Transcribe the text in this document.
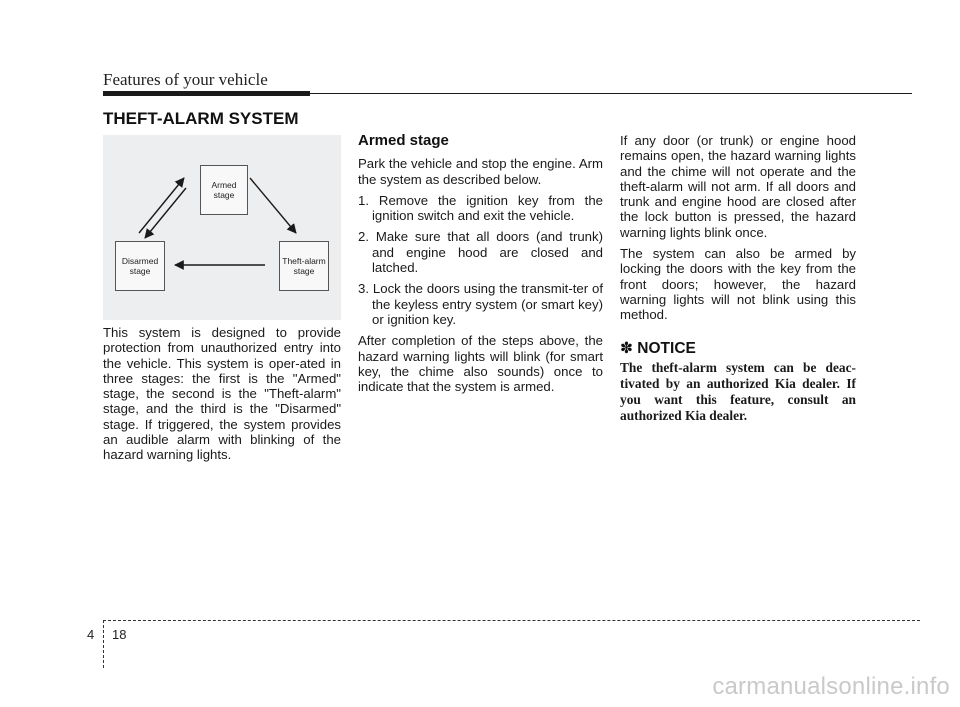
Features of your vehicle
THEFT-ALARM SYSTEM
Armed
stage
Disarmed
stage
Theft-alarm
stage

This system is designed to provide protection from unauthorized entry into the vehicle. This system is oper-ated in three stages: the first is the "Armed" stage, the second is the "Theft-alarm" stage, and the third is the "Disarmed" stage. If triggered, the system provides an audible alarm with blinking of the hazard warning lights.

Armed stage

Park the vehicle and stop the engine. Arm the system as described below.

1. Remove the ignition key from the ignition switch and exit the vehicle.
2. Make sure that all doors (and trunk) and engine hood are closed and latched.
3. Lock the doors using the transmit-ter of the keyless entry system (or smart key) or ignition key.

After completion of the steps above, the hazard warning lights will blink (for smart key, the chime also sounds) once to indicate that the system is armed.

If any door (or trunk) or engine hood remains open, the hazard warning lights and the chime will not operate and the theft-alarm will not arm. If all doors and trunk and engine hood are closed after the lock button is pressed, the hazard warning lights blink once.

The system can also be armed by locking the doors with the key from the front doors; however, the hazard warning lights will not blink using this method.

✽ NOTICE

The theft-alarm system can be deac-tivated by an authorized Kia dealer. If you want this feature, consult an authorized Kia dealer.

4 18
carmanualsonline.info
